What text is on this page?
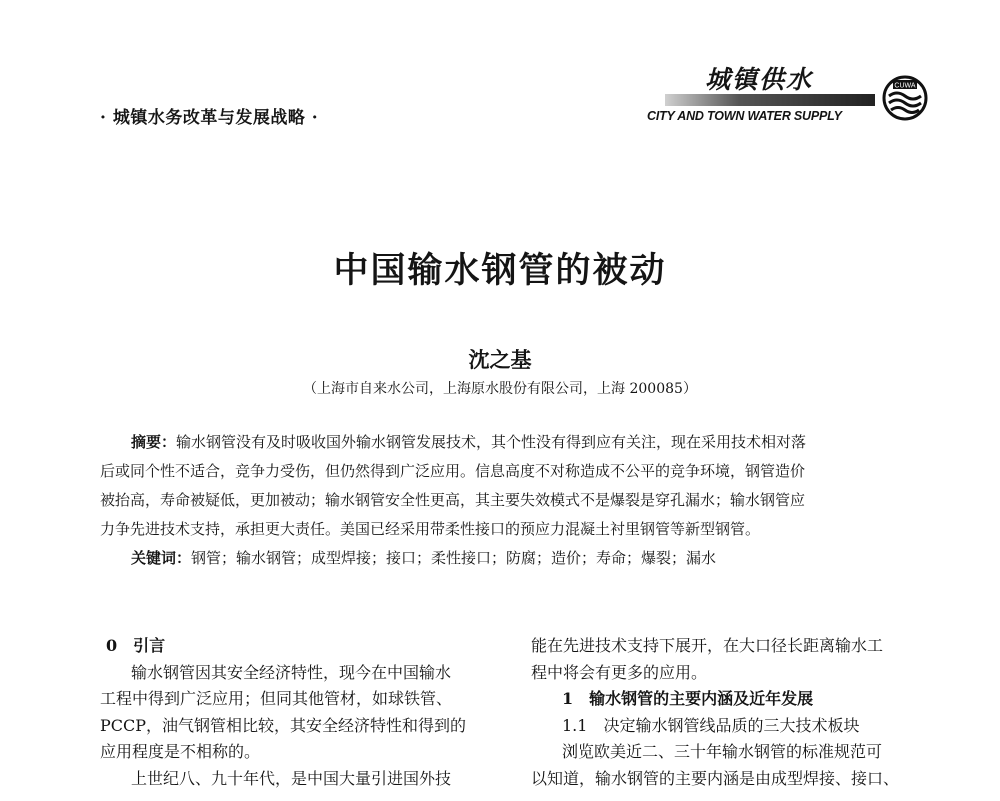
· 城镇水务改革与发展战略 ·
城镇供水
CITY AND TOWN WATER SUPPLY
CUWA
中国输水钢管的被动
沈之基
（上海市自来水公司，上海原水股份有限公司，上海 200085）
摘要：输水钢管没有及时吸收国外输水钢管发展技术，其个性没有得到应有关注，现在采用技术相对落
后或同个性不适合，竞争力受伤，但仍然得到广泛应用。信息高度不对称造成不公平的竞争环境，钢管造价
被抬高，寿命被疑低，更加被动；输水钢管安全性更高，其主要失效模式不是爆裂是穿孔漏水；输水钢管应
力争先进技术支持，承担更大责任。美国已经采用带柔性接口的预应力混凝土衬里钢管等新型钢管。
关键词：钢管；输水钢管；成型焊接；接口；柔性接口；防腐；造价；寿命；爆裂；漏水

0　引言

输水钢管因其安全经济特性，现今在中国输水

工程中得到广泛应用；但同其他管材，如球铁管、

PCCP，油气钢管相比较，其安全经济特性和得到的

应用程度是不相称的。

上世纪八、九十年代，是中国大量引进国外技

能在先进技术支持下展开，在大口径长距离输水工

程中将会有更多的应用。

1　输水钢管的主要内涵及近年发展

1.1　决定输水钢管线品质的三大技术板块

浏览欧美近二、三十年输水钢管的标准规范可

以知道，输水钢管的主要内涵是由成型焊接、接口、
